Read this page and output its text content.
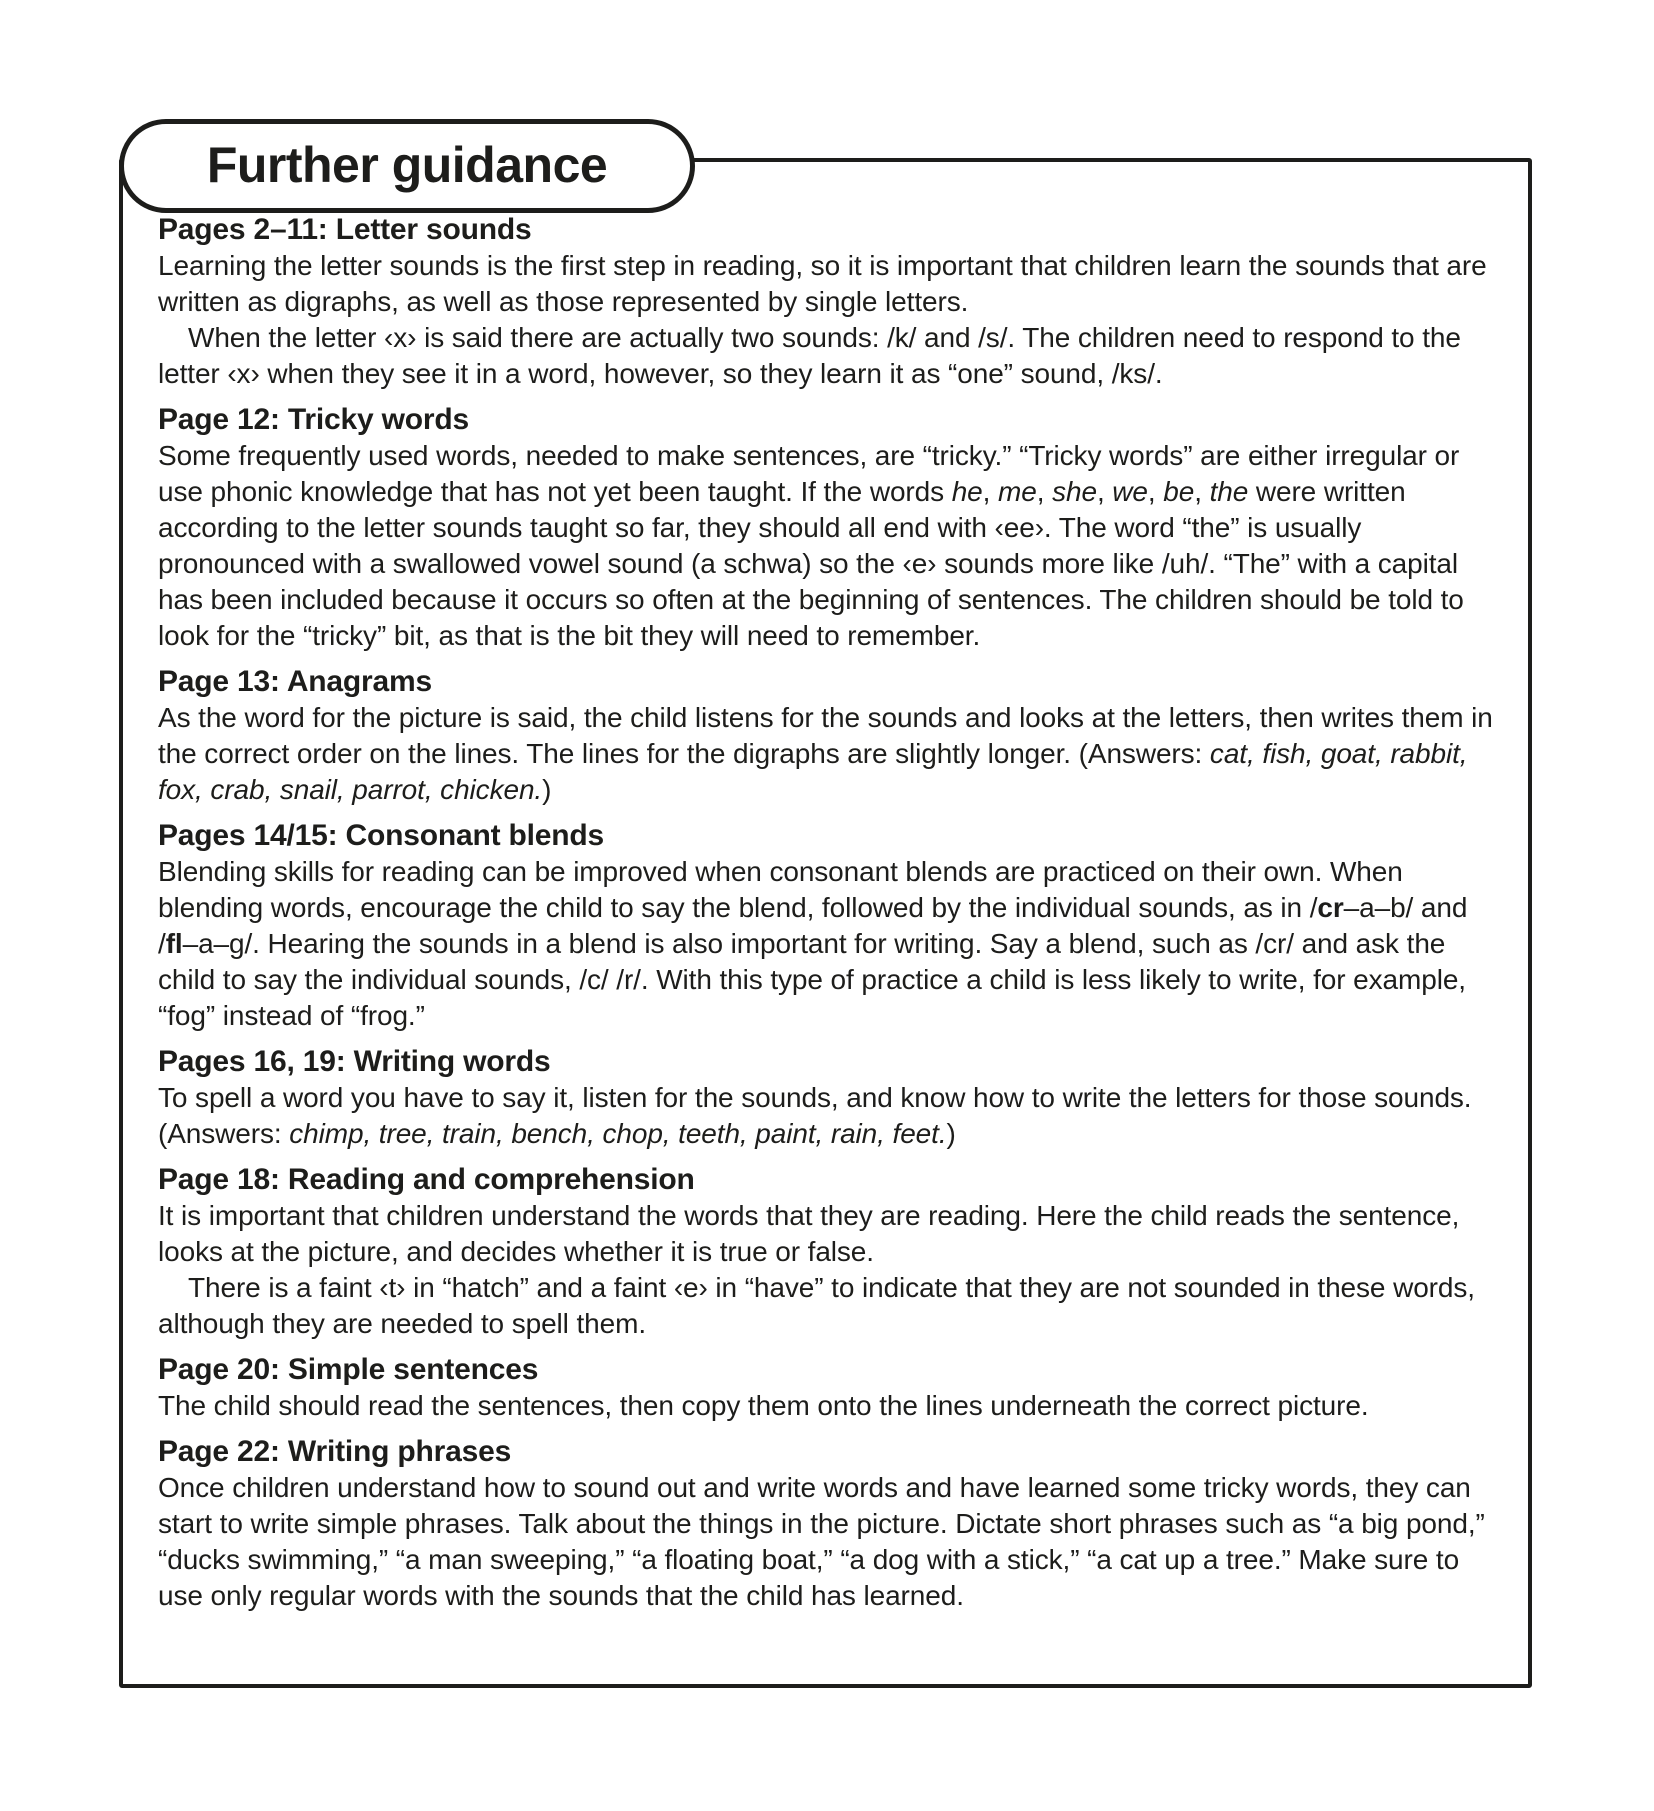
Further guidance
Pages 2–11: Letter sounds

Learning the letter sounds is the first step in reading, so it is important that children learn the sounds that are written as digraphs, as well as those represented by single letters.

When the letter ‹x› is said there are actually two sounds: /k/ and /s/. The children need to respond to the letter ‹x› when they see it in a word, however, so they learn it as “one” sound, /ks/.

Page 12: Tricky words

Some frequently used words, needed to make sentences, are “tricky.” “Tricky words” are either irregular or use phonic knowledge that has not yet been taught. If the words he, me, she, we, be, the were written according to the letter sounds taught so far, they should all end with ‹ee›. The word “the” is usually pronounced with a swallowed vowel sound (a schwa) so the ‹e› sounds more like /uh/. “The” with a capital has been included because it occurs so often at the beginning of sentences. The children should be told to look for the “tricky” bit, as that is the bit they will need to remember.

Page 13: Anagrams

As the word for the picture is said, the child listens for the sounds and looks at the letters, then writes them in the correct order on the lines. The lines for the digraphs are slightly longer. (Answers: cat, fish, goat, rabbit, fox, crab, snail, parrot, chicken.)

Pages 14/15: Consonant blends

Blending skills for reading can be improved when consonant blends are practiced on their own. When blending words, encourage the child to say the blend, followed by the individual sounds, as in /cr–a–b/ and /fl–a–g/. Hearing the sounds in a blend is also important for writing. Say a blend, such as /cr/ and ask the child to say the individual sounds, /c/ /r/. With this type of practice a child is less likely to write, for example, “fog” instead of “frog.”

Pages 16, 19: Writing words

To spell a word you have to say it, listen for the sounds, and know how to write the letters for those sounds. (Answers: chimp, tree, train, bench, chop, teeth, paint, rain, feet.)

Page 18: Reading and comprehension

It is important that children understand the words that they are reading. Here the child reads the sentence, looks at the picture, and decides whether it is true or false.

There is a faint ‹t› in “hatch” and a faint ‹e› in “have” to indicate that they are not sounded in these words, although they are needed to spell them.

Page 20: Simple sentences

The child should read the sentences, then copy them onto the lines underneath the correct picture.

Page 22: Writing phrases

Once children understand how to sound out and write words and have learned some tricky words, they can start to write simple phrases. Talk about the things in the picture. Dictate short phrases such as “a big pond,” “ducks swimming,” “a man sweeping,” “a floating boat,” “a dog with a stick,” “a cat up a tree.” Make sure to use only regular words with the sounds that the child has learned.
